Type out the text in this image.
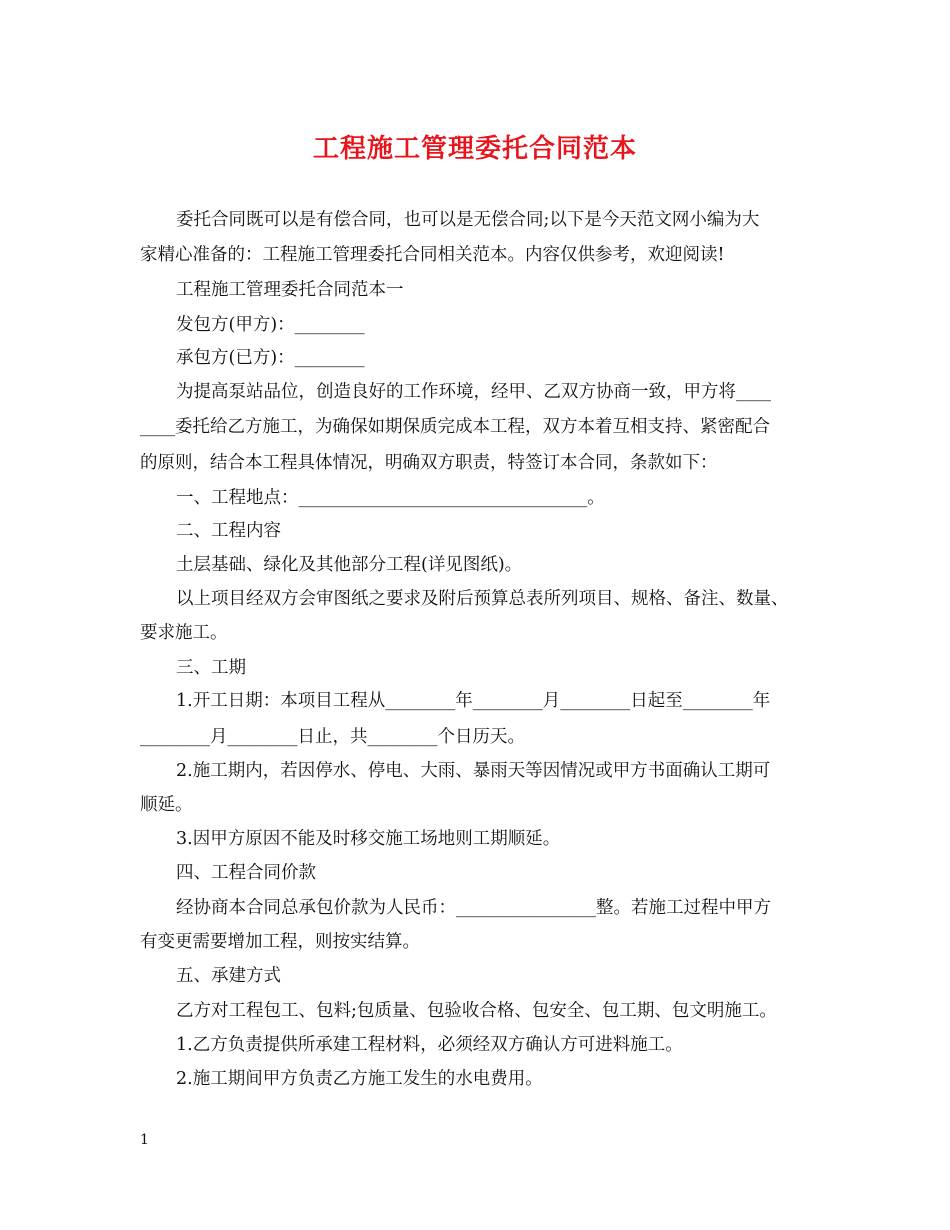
工程施工管理委托合同范本
委托合同既可以是有偿合同，也可以是无偿合同;以下是今天范文网小编为大
家精心准备的：工程施工管理委托合同相关范本。内容仅供参考，欢迎阅读!
工程施工管理委托合同范本一
发包方(甲方)：________
承包方(已方)：________
为提高泵站品位，创造良好的工作环境，经甲、乙双方协商一致，甲方将____
____委托给乙方施工，为确保如期保质完成本工程，双方本着互相支持、紧密配合
的原则，结合本工程具体情况，明确双方职责，特签订本合同，条款如下：
一、工程地点：_________________________________。
二、工程内容
土层基础、绿化及其他部分工程(详见图纸)。
以上项目经双方会审图纸之要求及附后预算总表所列项目、规格、备注、数量、
要求施工。
三、工期
1.开工日期：本项目工程从________年________月________日起至________年
________月________日止，共________个日历天。
2.施工期内，若因停水、停电、大雨、暴雨天等因情况或甲方书面确认工期可
顺延。
3.因甲方原因不能及时移交施工场地则工期顺延。
四、工程合同价款
经协商本合同总承包价款为人民币：________________整。若施工过程中甲方
有变更需要增加工程，则按实结算。
五、承建方式
乙方对工程包工、包料;包质量、包验收合格、包安全、包工期、包文明施工。
1.乙方负责提供所承建工程材料，必须经双方确认方可进料施工。
2.施工期间甲方负责乙方施工发生的水电费用。
1
